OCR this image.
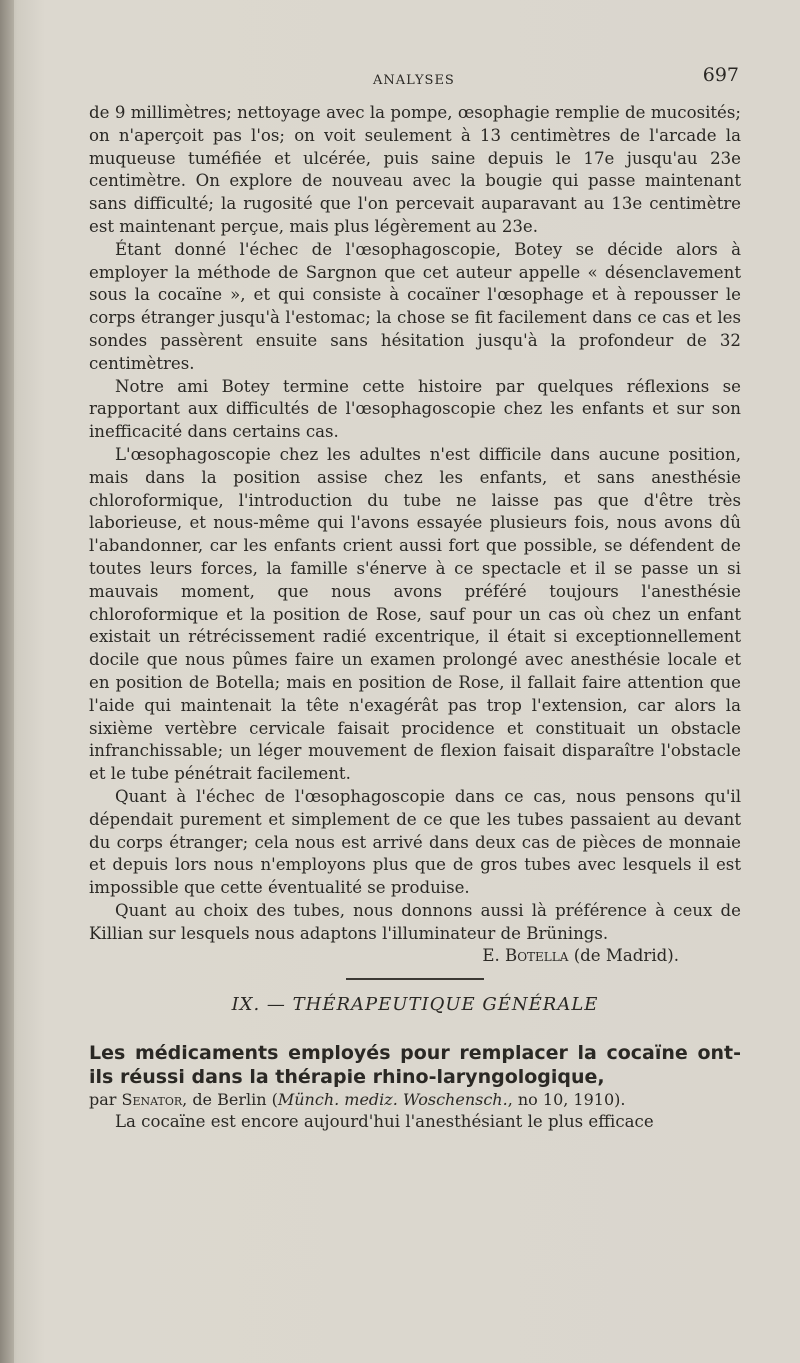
ANALYSES	697

de 9 millimètres; nettoyage avec la pompe, œsophagie remplie de mucosités; on n'aperçoit pas l'os; on voit seulement à 13 centimètres de l'arcade la muqueuse tuméfiée et ulcérée, puis saine depuis le 17e jusqu'au 23e centimètre. On explore de nouveau avec la bougie qui passe maintenant sans difficulté; la rugosité que l'on percevait auparavant au 13e centimètre est maintenant perçue, mais plus légèrement au 23e.

Étant donné l'échec de l'œsophagoscopie, Botey se décide alors à employer la méthode de Sargnon que cet auteur appelle « désenclavement sous la cocaïne », et qui consiste à cocaïner l'œsophage et à repousser le corps étranger jusqu'à l'estomac; la chose se fit facilement dans ce cas et les sondes passèrent ensuite sans hésitation jusqu'à la profondeur de 32 centimètres.

Notre ami Botey termine cette histoire par quelques réflexions se rapportant aux difficultés de l'œsophagoscopie chez les enfants et sur son inefficacité dans certains cas.

L'œsophagoscopie chez les adultes n'est difficile dans aucune position, mais dans la position assise chez les enfants, et sans anesthésie chloroformique, l'introduction du tube ne laisse pas que d'être très laborieuse, et nous-même qui l'avons essayée plusieurs fois, nous avons dû l'abandonner, car les enfants crient aussi fort que possible, se défendent de toutes leurs forces, la famille s'énerve à ce spectacle et il se passe un si mauvais moment, que nous avons préféré toujours l'anesthésie chloroformique et la position de Rose, sauf pour un cas où chez un enfant existait un rétrécissement radié excentrique, il était si exceptionnellement docile que nous pûmes faire un examen prolongé avec anesthésie locale et en position de Botella; mais en position de Rose, il fallait faire attention que l'aide qui maintenait la tête n'exagérât pas trop l'extension, car alors la sixième vertèbre cervicale faisait procidence et constituait un obstacle infranchissable; un léger mouvement de flexion faisait disparaître l'obstacle et le tube pénétrait facilement.

Quant à l'échec de l'œsophagoscopie dans ce cas, nous pensons qu'il dépendait purement et simplement de ce que les tubes passaient au devant du corps étranger; cela nous est arrivé dans deux cas de pièces de monnaie et depuis lors nous n'employons plus que de gros tubes avec lesquels il est impossible que cette éventualité se produise.

Quant au choix des tubes, nous donnons aussi là préférence à ceux de Killian sur lesquels nous adaptons l'illuminateur de Brünings.

E. Botella (de Madrid).

IX. — THÉRAPEUTIQUE GÉNÉRALE

Les médicaments employés pour remplacer la cocaïne ont-ils réussi dans la thérapie rhino-laryngologique,

par Senator, de Berlin (Münch. mediz. Woschensch., no 10, 1910).

La cocaïne est encore aujourd'hui l'anesthésiant le plus efficace
